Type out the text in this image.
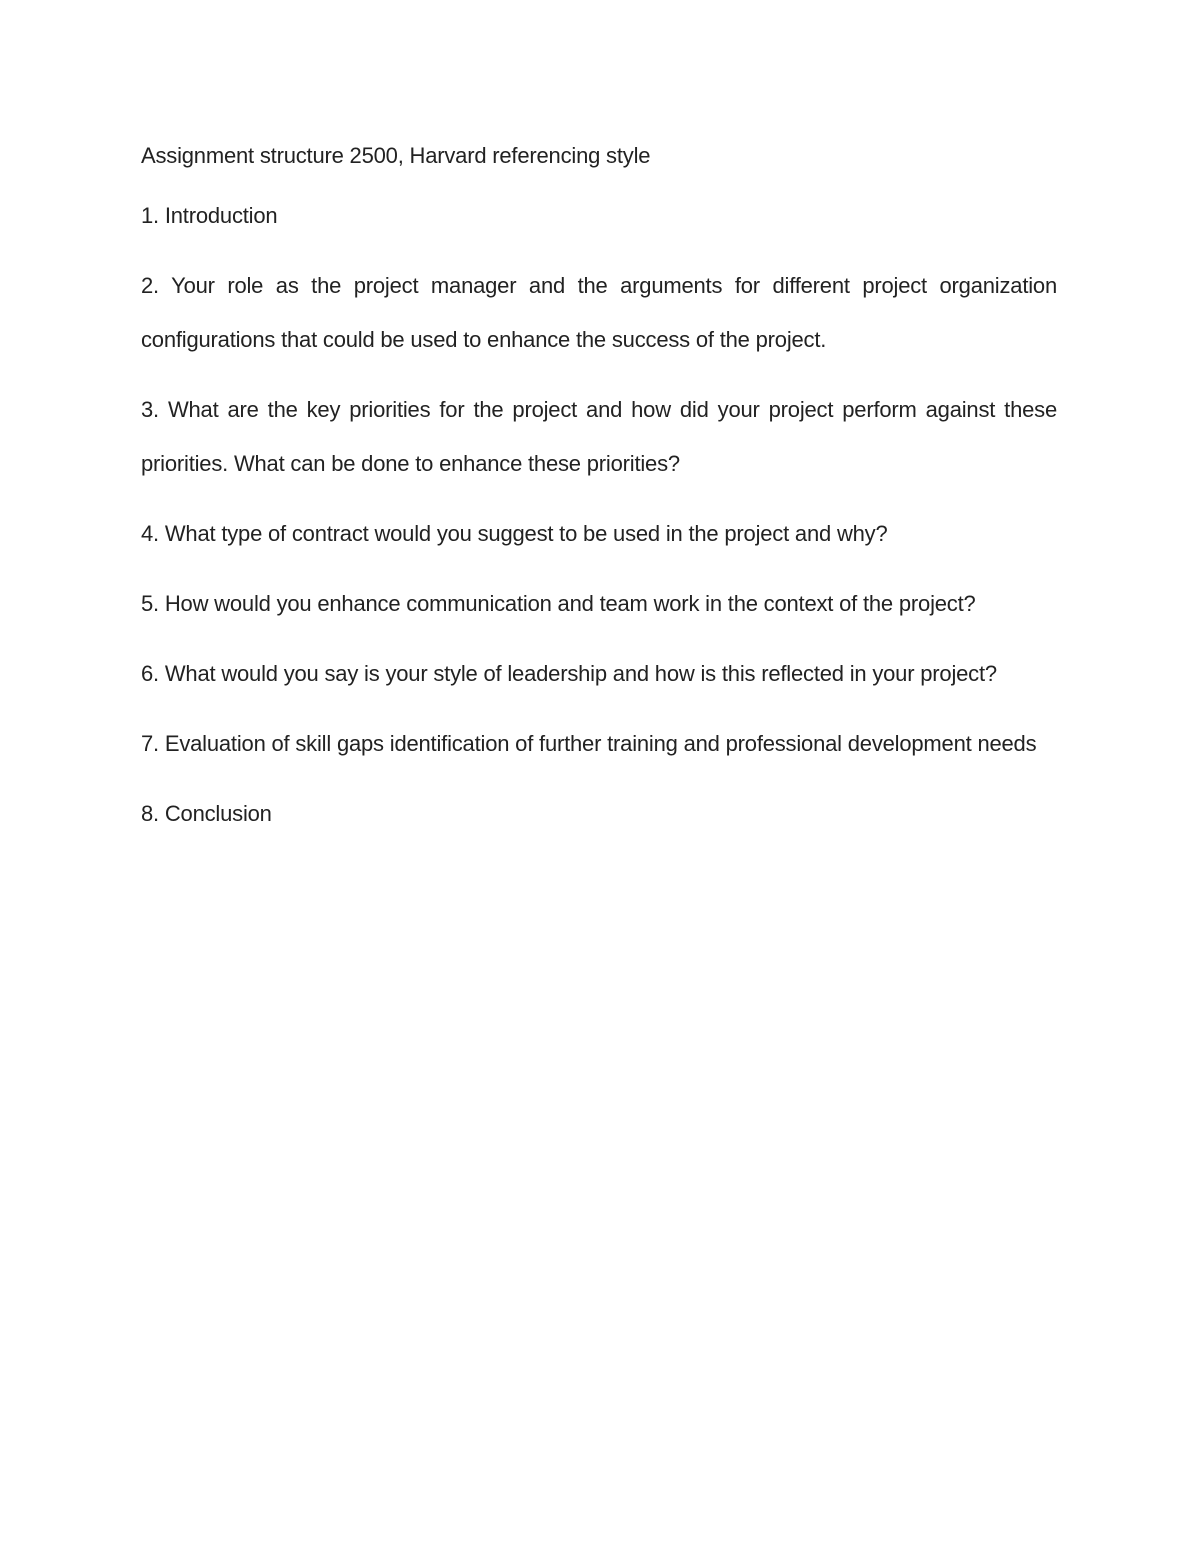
Assignment structure 2500, Harvard referencing style

1. Introduction

2. Your role as the project manager and the arguments for different project organization configurations that could be used to enhance the success of the project.

3. What are the key priorities for the project and how did your project perform against these priorities. What can be done to enhance these priorities?

4. What type of contract would you suggest to be used in the project and why?

5. How would you enhance communication and team work in the context of the project?

6. What would you say is your style of leadership and how is this reflected in your project?

7. Evaluation of skill gaps identification of further training and professional development needs

8. Conclusion
